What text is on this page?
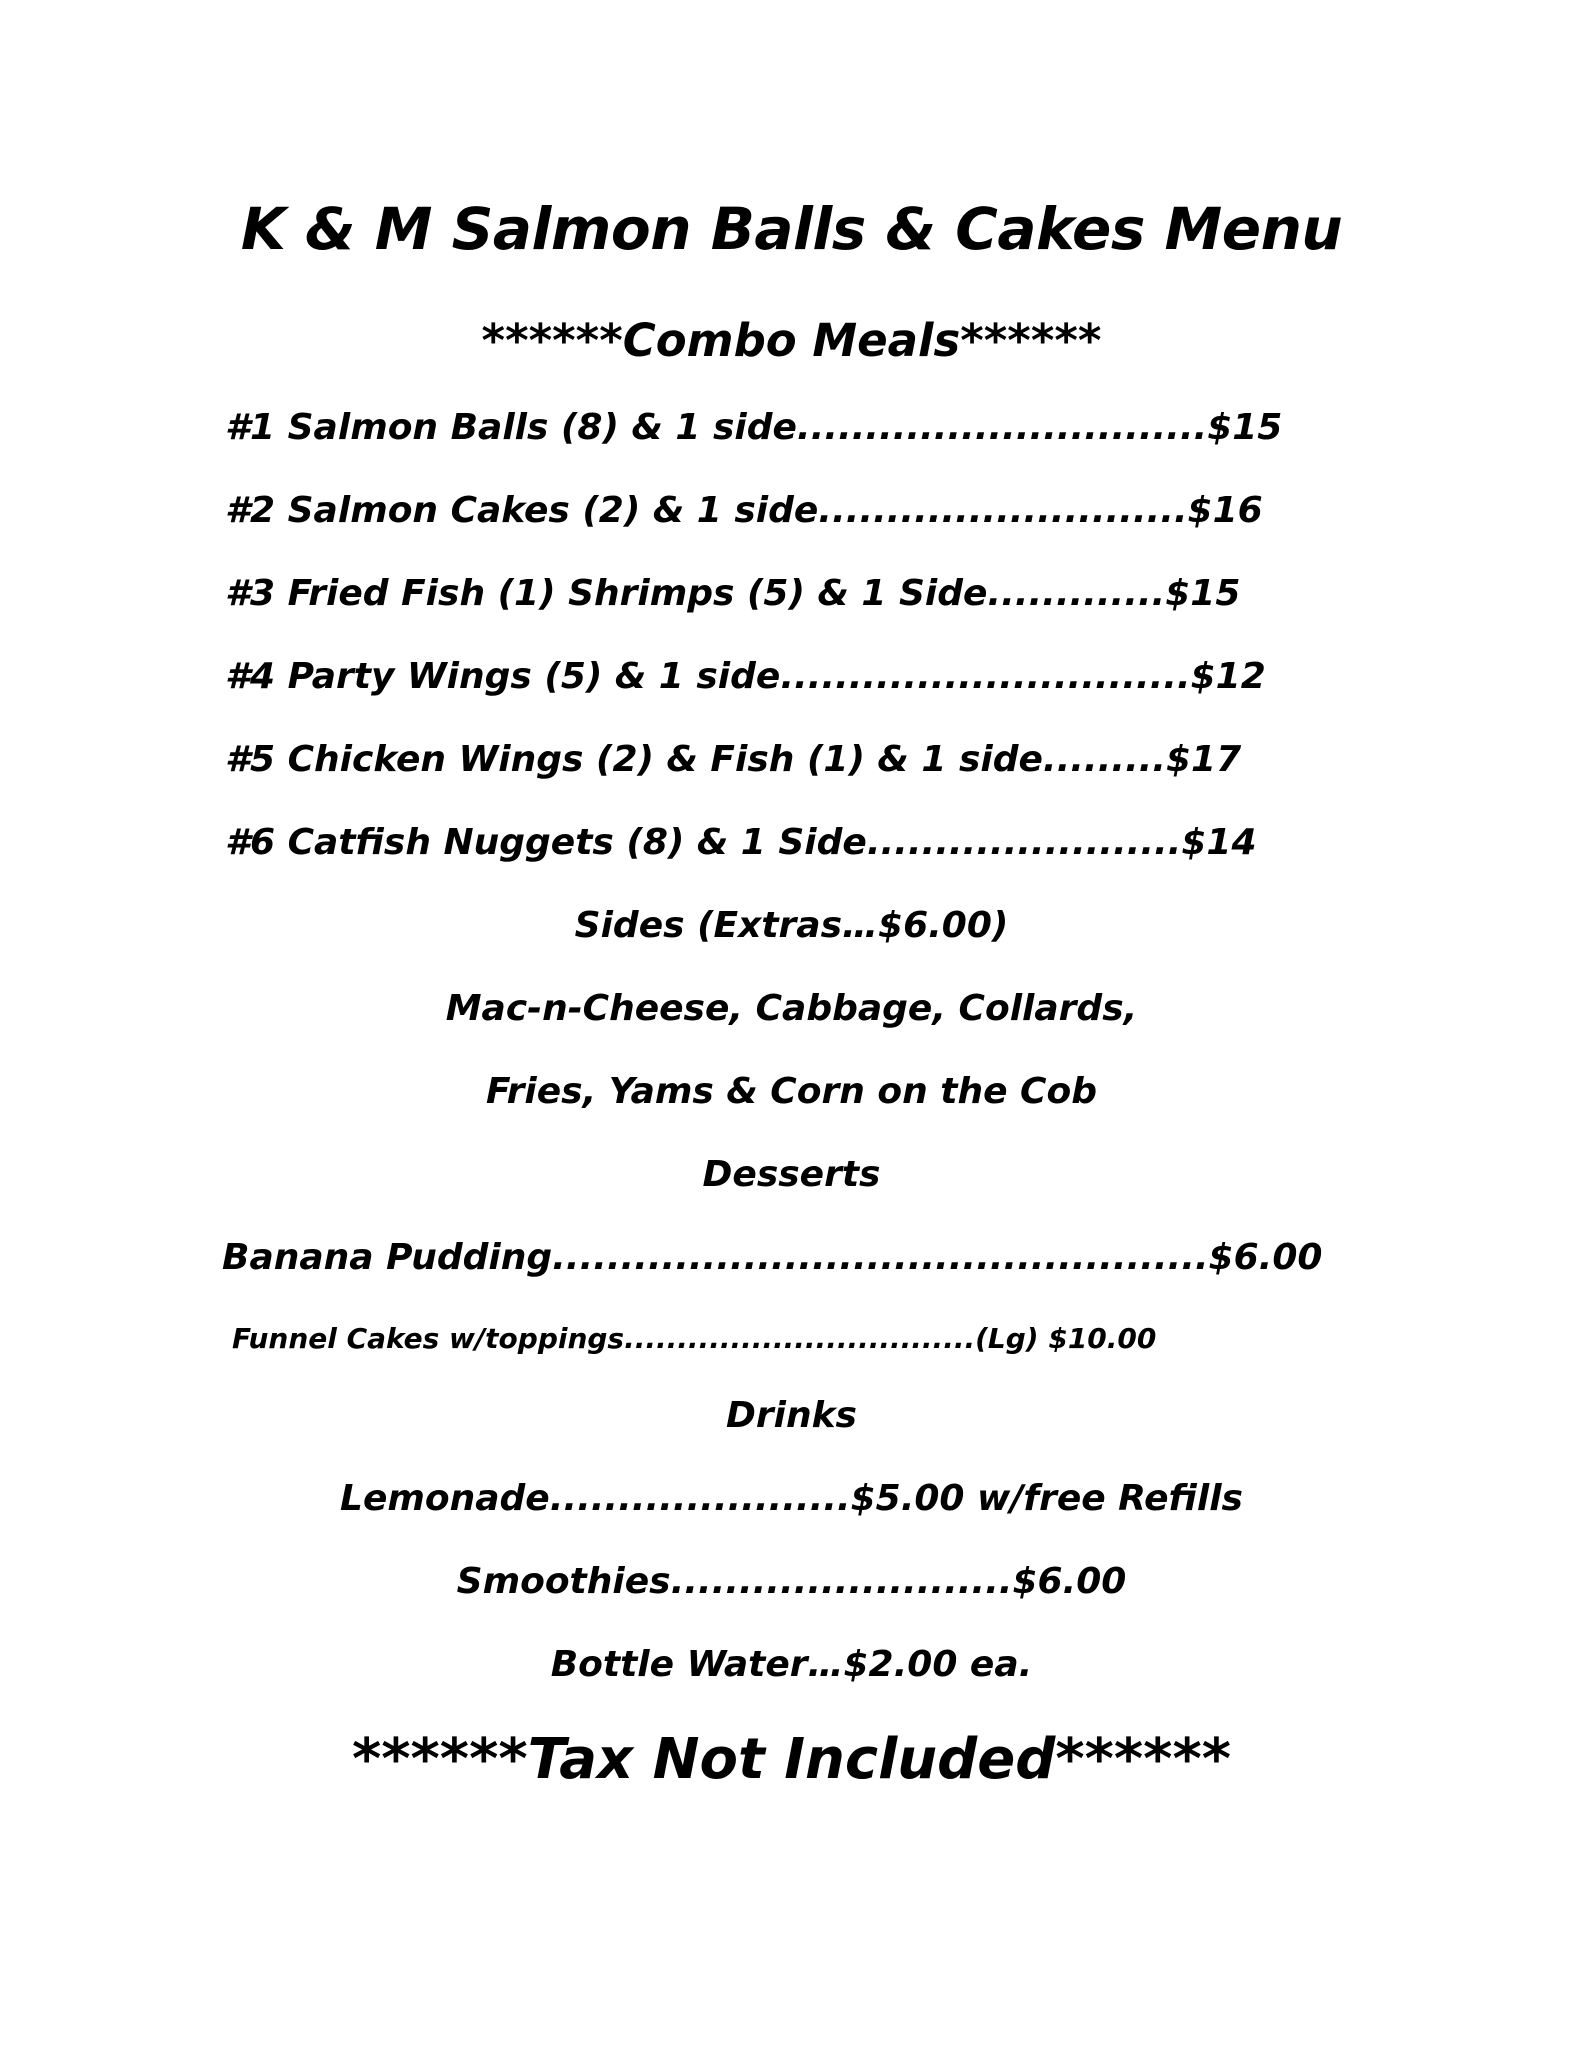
K & M Salmon Balls & Cakes Menu
******Combo Meals******
#1 Salmon Balls (8) & 1 side..............................$15
#2 Salmon Cakes (2) & 1 side...........................$16
#3 Fried Fish (1) Shrimps (5) & 1 Side.............$15
#4 Party Wings (5) & 1 side..............................$12
#5 Chicken Wings (2) & Fish (1) & 1 side.........$17
#6 Catfish Nuggets (8) & 1 Side.......................$14
Sides (Extras…$6.00)
Mac-n-Cheese, Cabbage, Collards,
Fries, Yams & Corn on the Cob
Desserts
Banana Pudding................................................$6.00
Funnel Cakes w/toppings.................................(Lg) $10.00
Drinks
Lemonade......................$5.00 w/free Refills
Smoothies.........................$6.00
Bottle Water…$2.00 ea.
******Tax Not Included******
